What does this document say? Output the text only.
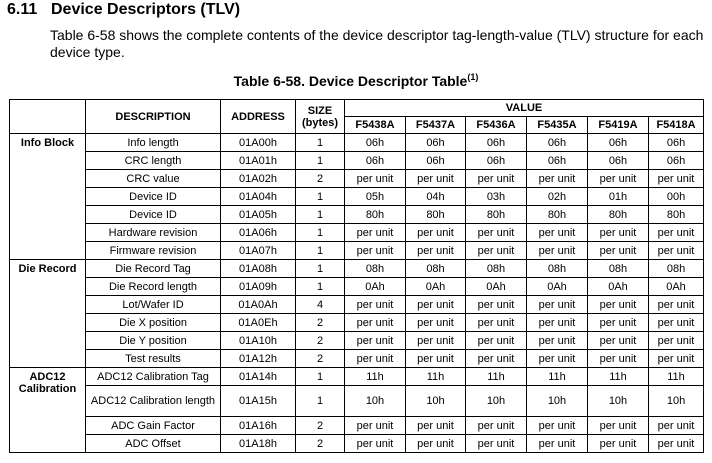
6.11 Device Descriptors (TLV)
Table 6-58 shows the complete contents of the device descriptor tag-length-value (TLV) structure for each device type.
Table 6-58. Device Descriptor Table$^{(1)}$
	DESCRIPTION	ADDRESS	SIZE (bytes)	VALUE					
				F5438A	F5437A	F5436A	F5435A	F5419A	F5418A
Info Block	Info length	01A00h	1	06h	06h	06h	06h	06h	06h
	CRC length	01A01h	1	06h	06h	06h	06h	06h	06h
	CRC value	01A02h	2	per unit	per unit	per unit	per unit	per unit	per unit
	Device ID	01A04h	1	05h	04h	03h	02h	01h	00h
	Device ID	01A05h	1	80h	80h	80h	80h	80h	80h
	Hardware revision	01A06h	1	per unit	per unit	per unit	per unit	per unit	per unit
	Firmware revision	01A07h	1	per unit	per unit	per unit	per unit	per unit	per unit
Die Record	Die Record Tag	01A08h	1	08h	08h	08h	08h	08h	08h
	Die Record length	01A09h	1	0Ah	0Ah	0Ah	0Ah	0Ah	0Ah
	Lot/Wafer ID	01A0Ah	4	per unit	per unit	per unit	per unit	per unit	per unit
	Die X position	01A0Eh	2	per unit	per unit	per unit	per unit	per unit	per unit
	Die Y position	01A10h	2	per unit	per unit	per unit	per unit	per unit	per unit
	Test results	01A12h	2	per unit	per unit	per unit	per unit	per unit	per unit
ADC12 Calibration	ADC12 Calibration Tag	01A14h	1	11h	11h	11h	11h	11h	11h
	ADC12 Calibration length	01A15h	1	10h	10h	10h	10h	10h	10h
	ADC Gain Factor	01A16h	2	per unit	per unit	per unit	per unit	per unit	per unit
	ADC Offset	01A18h	2	per unit	per unit	per unit	per unit	per unit	per unit
